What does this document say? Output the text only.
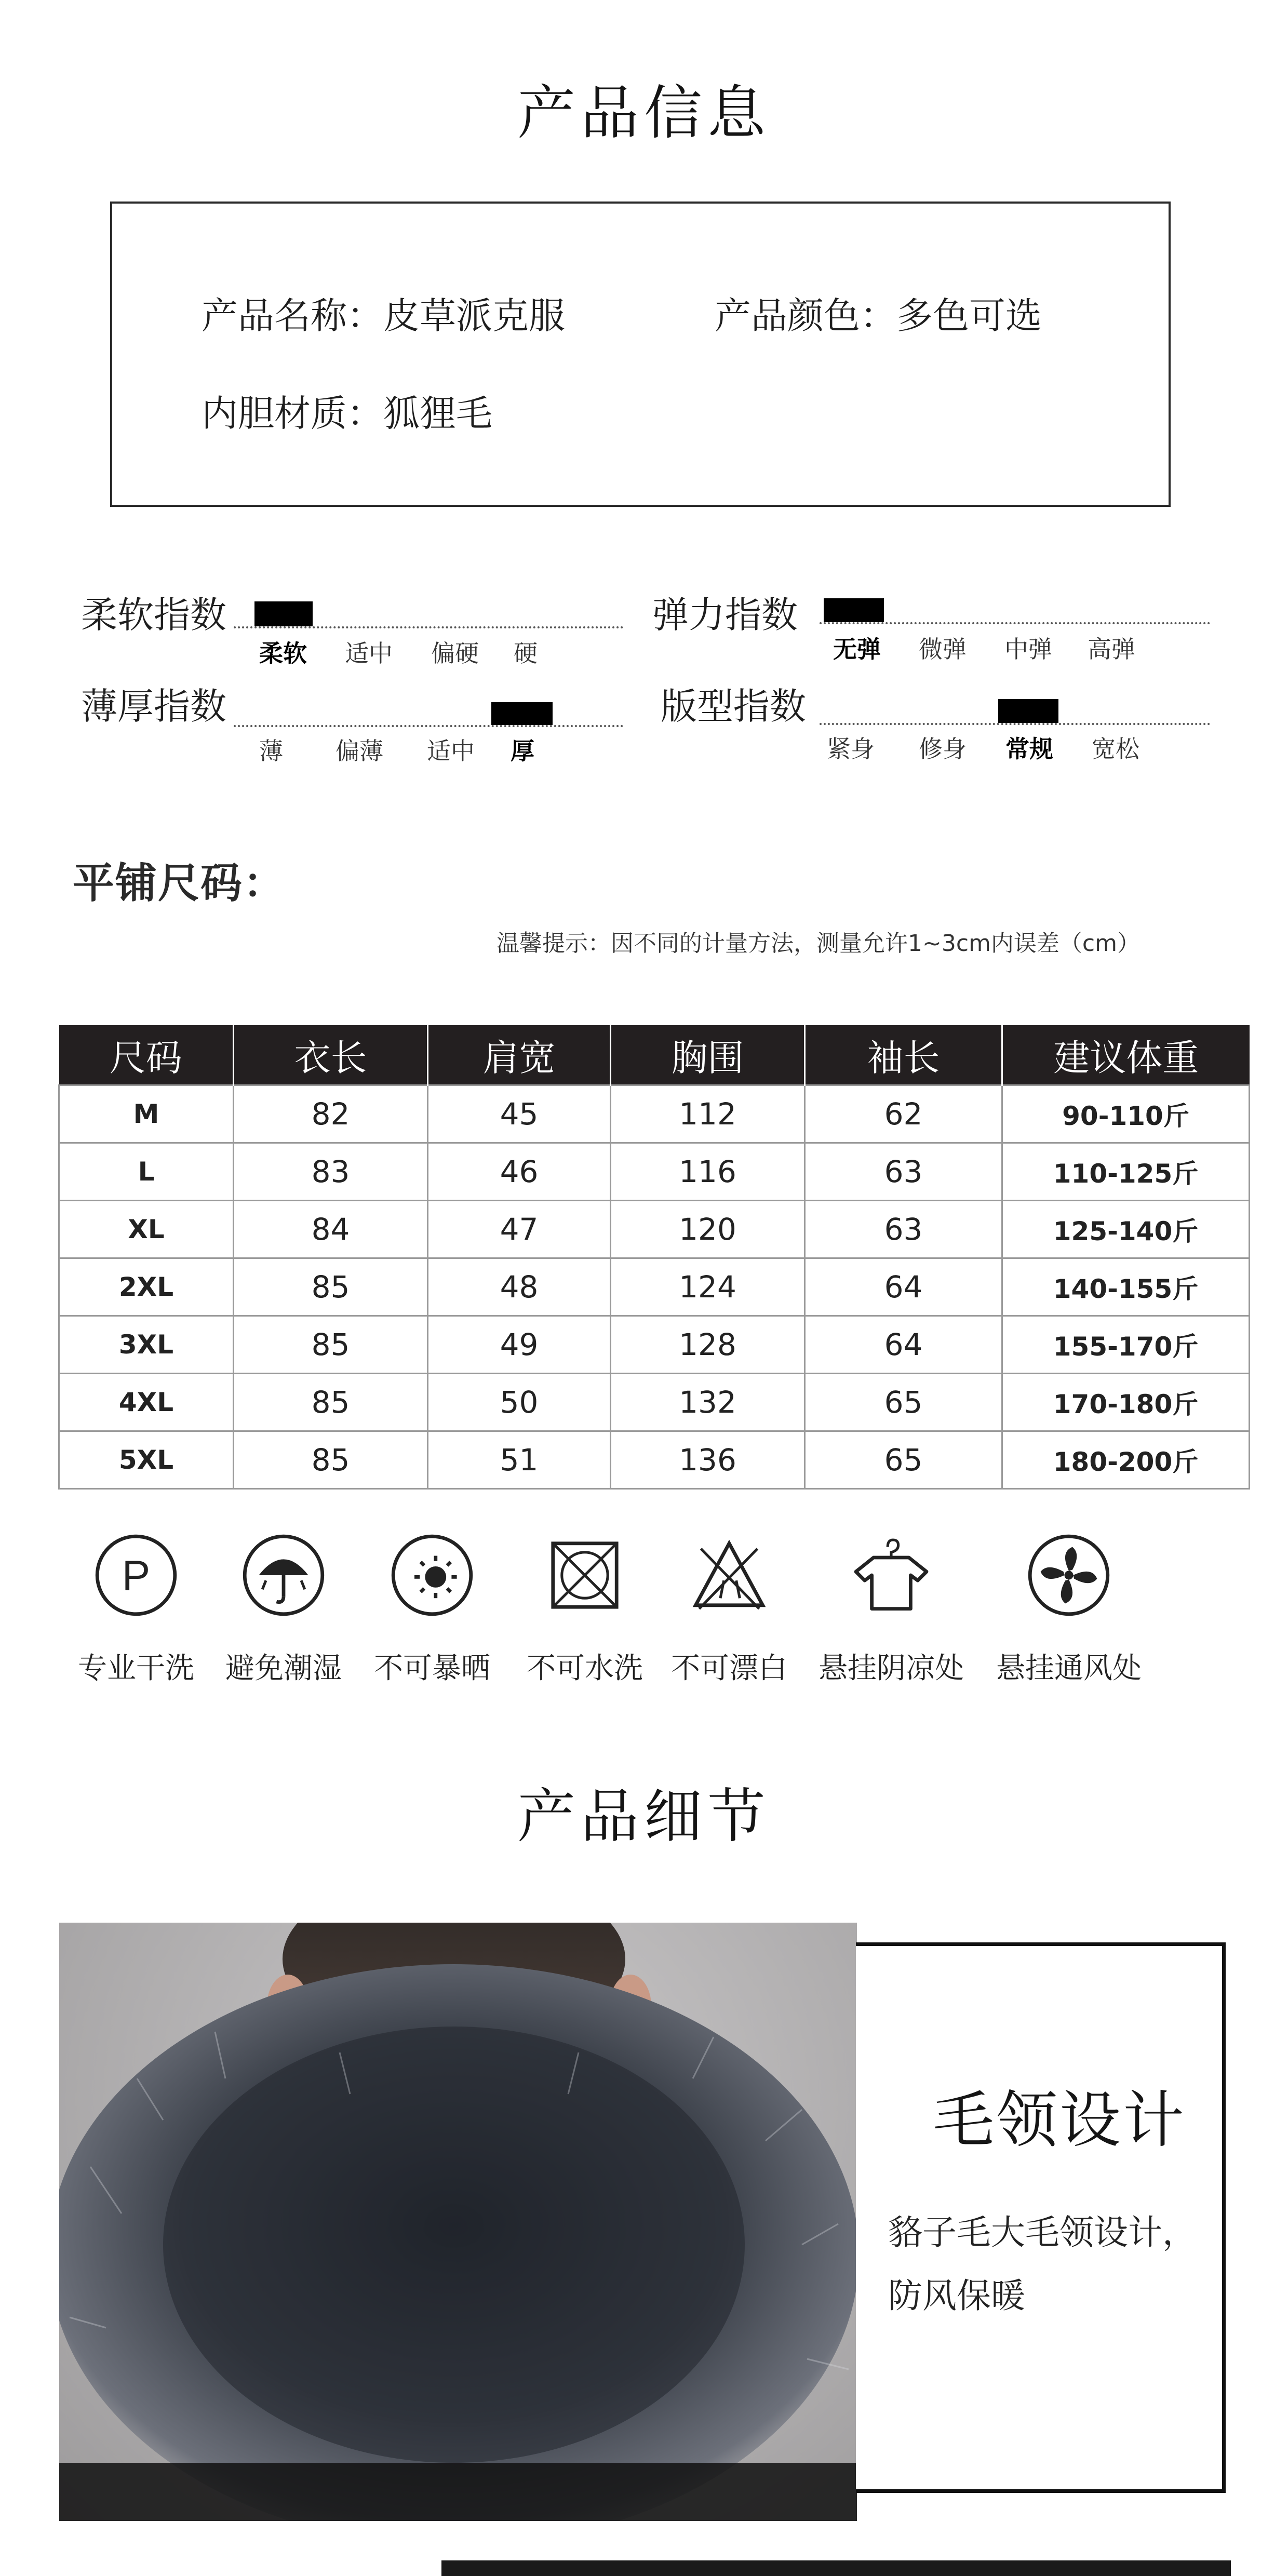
产品信息
产品名称：皮草派克服	产品颜色：多色可选
内胆材质：狐狸毛
柔软指数
柔软 适中 偏硬 硬
弹力指数
无弹 微弹 中弹 高弹
薄厚指数
薄 偏薄 适中 厚
版型指数
紧身 修身 常规 宽松
平铺尺码：
温馨提示：因不同的计量方法，测量允许1~3cm内误差（cm）
尺码	衣长	肩宽	胸围	袖长	建议体重
M	82	45	112	62	90-110斤
L	83	46	116	63	110-125斤
XL	84	47	120	63	125-140斤
2XL	85	48	124	64	140-155斤
3XL	85	49	128	64	155-170斤
4XL	85	50	132	65	170-180斤
5XL	85	51	136	65	180-200斤
P
专业干洗 避免潮湿 不可暴晒 不可水洗 不可漂白 悬挂阴凉处 悬挂通风处
产品细节
毛领设计
貉子毛大毛领设计，
防风保暖
